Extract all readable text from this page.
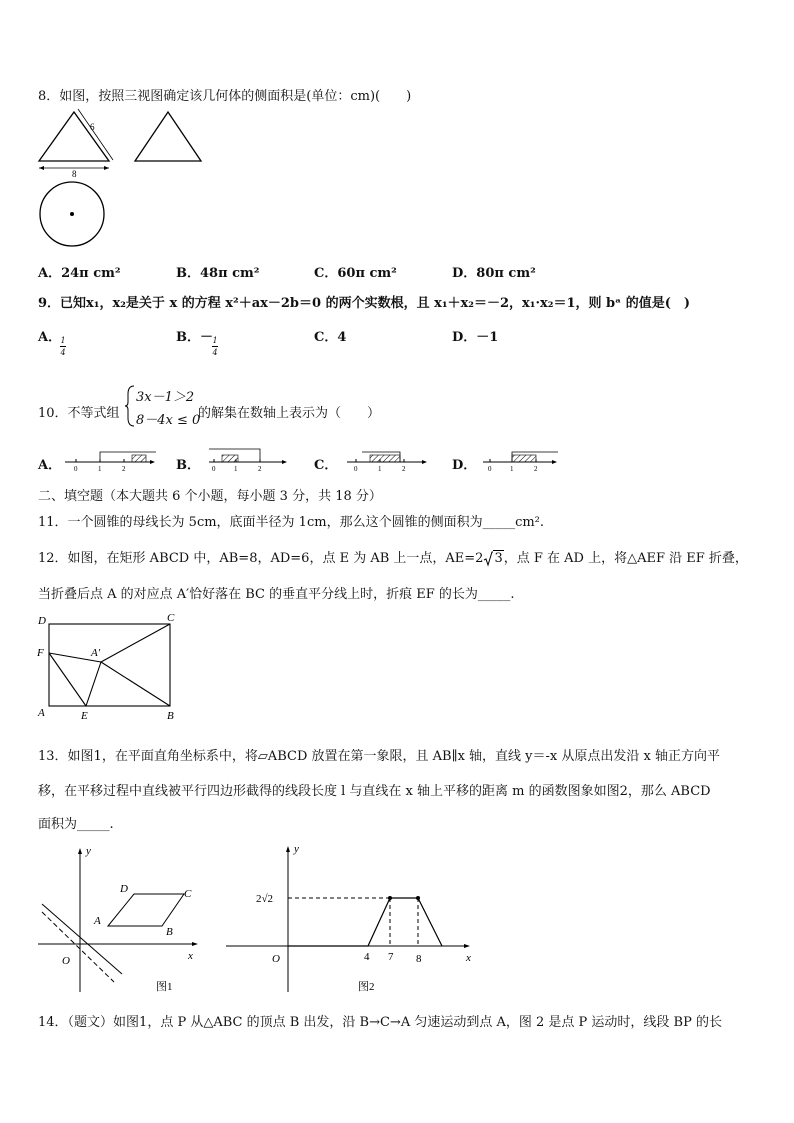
8．如图，按照三视图确定该几何体的侧面积是(单位：cm)(　　)
6
8
A．24π cm²	B．48π cm²	C．60π cm²	D．80π cm²
9．已知x₁，x₂是关于 x 的方程 x²＋ax－2b＝0 的两个实数根，且 x₁＋x₂＝－2，x₁·x₂＝1，则 bᵃ 的值是(　)
A． 1
4
B．－ 1
4
C．4	D．－1
10．不等式组
3x－1＞2
8－4x ≤ 0
的解集在数轴上表示为（　　）
A．	B．	C．	D．
0	1	2	0	1	2	0	1	2	0	1	2
二、填空题（本大题共 6 个小题，每小题 3 分，共 18 分）
11．一个圆锥的母线长为 5cm，底面半径为 1cm，那么这个圆锥的侧面积为_____cm².
12．如图，在矩形 ABCD 中，AB=8，AD=6，点 E 为 AB 上一点，AE=2 3，点 F 在 AD 上，将△AEF 沿 EF 折叠，
当折叠后点 A 的对应点 A′恰好落在 BC 的垂直平分线上时，折痕 EF 的长为_____.
D	C
F	A′
A	E	B
13．如图1，在平面直角坐标系中，将▱ABCD 放置在第一象限，且 AB∥x 轴，直线 y＝-x 从原点出发沿 x 轴正方向平
移，在平移过程中直线被平行四边形截得的线段长度 l 与直线在 x 轴上平移的距离 m 的函数图象如图2，那么 ABCD
面积为_____.
y
x
O
A
B
C
D
图1
y
x
O
2√2
4 7 8
图2
14．（题文）如图1，点 P 从△ABC 的顶点 B 出发，沿 B→C→A 匀速运动到点 A，图 2 是点 P 运动时，线段 BP 的长
